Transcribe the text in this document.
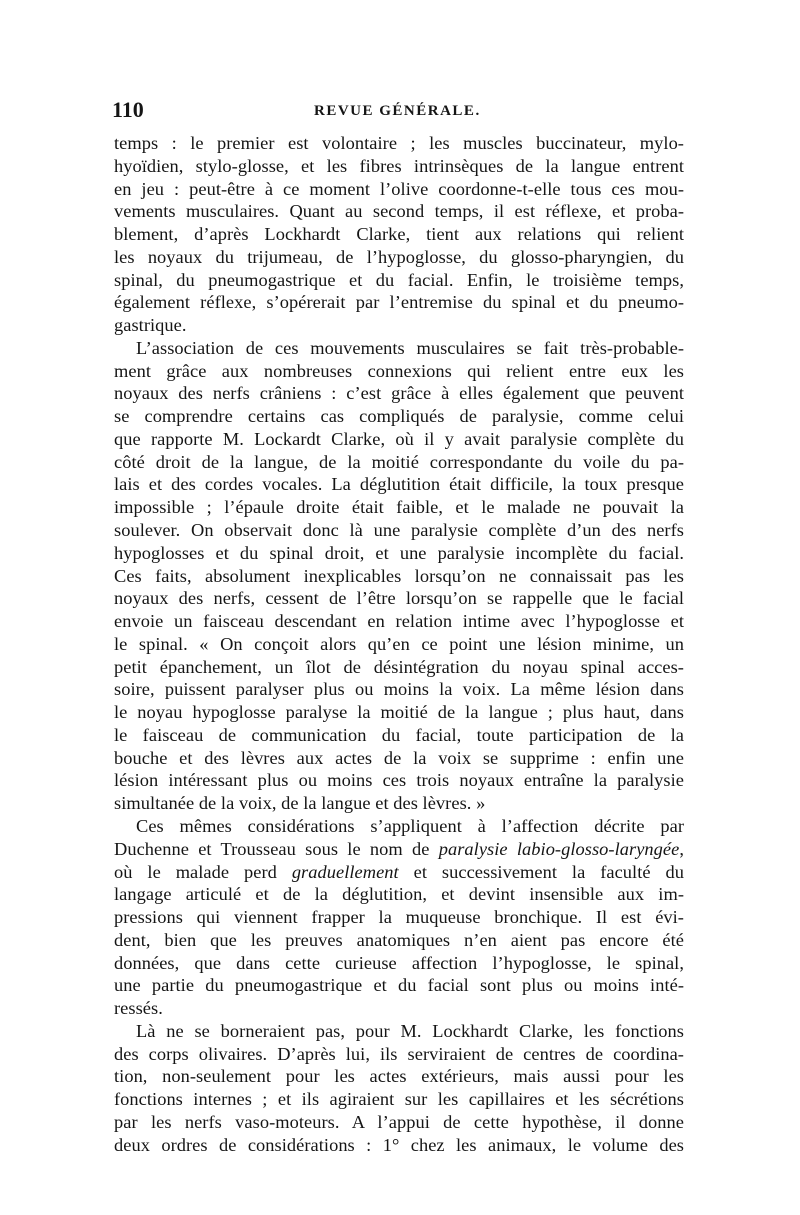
110	REVUE GÉNÉRALE.
temps : le premier est volontaire ; les muscles buccinateur, mylo-
hyoïdien, stylo-glosse, et les fibres intrinsèques de la langue entrent
en jeu : peut-être à ce moment l’olive coordonne-t-elle tous ces mou-
vements musculaires. Quant au second temps, il est réflexe, et proba-
blement, d’après Lockhardt Clarke, tient aux relations qui relient
les noyaux du trijumeau, de l’hypoglosse, du glosso-pharyngien, du
spinal, du pneumogastrique et du facial. Enfin, le troisième temps,
également réflexe, s’opérerait par l’entremise du spinal et du pneumo-
gastrique.
L’association de ces mouvements musculaires se fait très-probable-
ment grâce aux nombreuses connexions qui relient entre eux les
noyaux des nerfs crâniens : c’est grâce à elles également que peuvent
se comprendre certains cas compliqués de paralysie, comme celui
que rapporte M. Lockardt Clarke, où il y avait paralysie complète du
côté droit de la langue, de la moitié correspondante du voile du pa-
lais et des cordes vocales. La déglutition était difficile, la toux presque
impossible ; l’épaule droite était faible, et le malade ne pouvait la
soulever. On observait donc là une paralysie complète d’un des nerfs
hypoglosses et du spinal droit, et une paralysie incomplète du facial.
Ces faits, absolument inexplicables lorsqu’on ne connaissait pas les
noyaux des nerfs, cessent de l’être lorsqu’on se rappelle que le facial
envoie un faisceau descendant en relation intime avec l’hypoglosse et
le spinal. « On conçoit alors qu’en ce point une lésion minime, un
petit épanchement, un îlot de désintégration du noyau spinal acces-
soire, puissent paralyser plus ou moins la voix. La même lésion dans
le noyau hypoglosse paralyse la moitié de la langue ; plus haut, dans
le faisceau de communication du facial, toute participation de la
bouche et des lèvres aux actes de la voix se supprime : enfin une
lésion intéressant plus ou moins ces trois noyaux entraîne la paralysie
simultanée de la voix, de la langue et des lèvres. »
Ces mêmes considérations s’appliquent à l’affection décrite par
Duchenne et Trousseau sous le nom de paralysie labio-glosso-laryngée,
où le malade perd graduellement et successivement la faculté du
langage articulé et de la déglutition, et devint insensible aux im-
pressions qui viennent frapper la muqueuse bronchique. Il est évi-
dent, bien que les preuves anatomiques n’en aient pas encore été
données, que dans cette curieuse affection l’hypoglosse, le spinal,
une partie du pneumogastrique et du facial sont plus ou moins inté-
ressés.
Là ne se borneraient pas, pour M. Lockhardt Clarke, les fonctions
des corps olivaires. D’après lui, ils serviraient de centres de coordina-
tion, non-seulement pour les actes extérieurs, mais aussi pour les
fonctions internes ; et ils agiraient sur les capillaires et les sécrétions
par les nerfs vaso-moteurs. A l’appui de cette hypothèse, il donne
deux ordres de considérations : 1° chez les animaux, le volume des
